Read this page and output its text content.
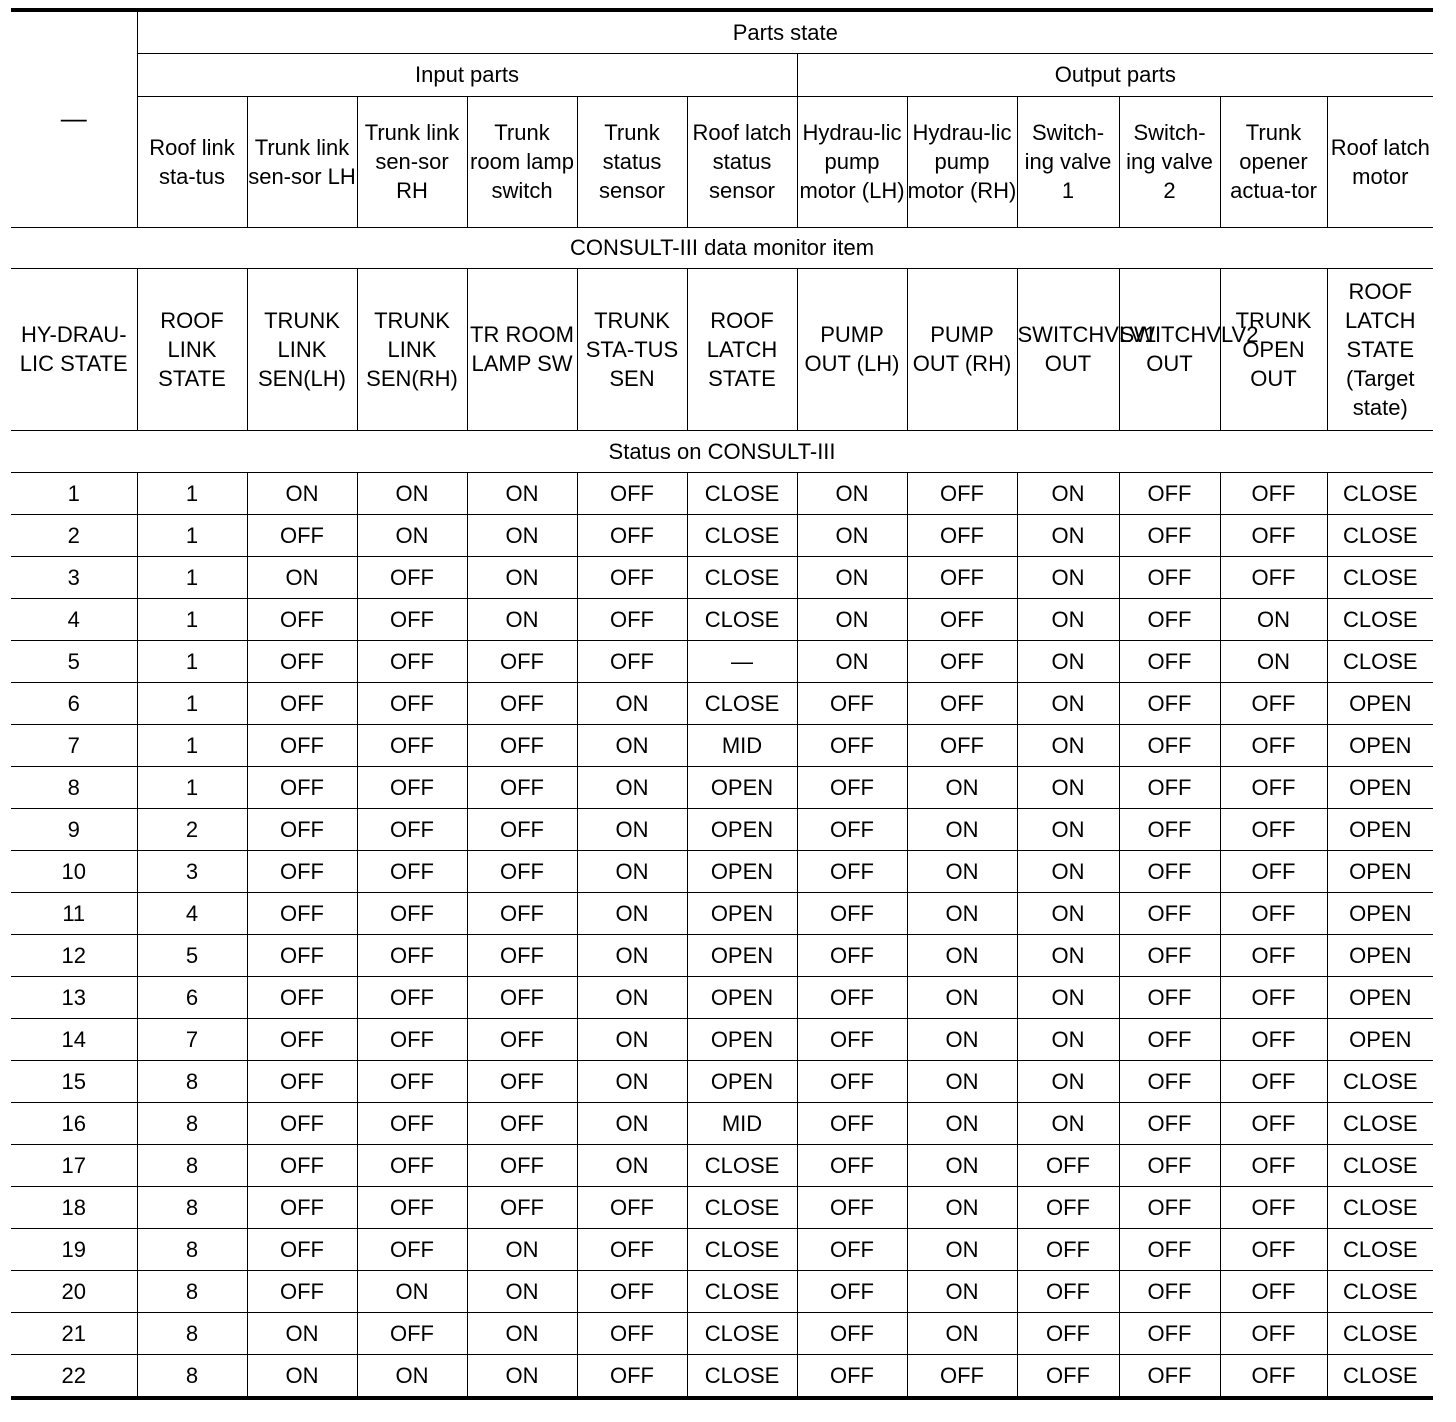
—	Parts state											
	Input parts						Output parts					
	Roof link sta-tus	Trunk link sen-sor LH	Trunk link sen-sor RH	Trunk room lamp switch	Trunk status sensor	Roof latch status sensor	Hydrau-lic pump motor (LH)	Hydrau-lic pump motor (RH)	Switch-ing valve 1	Switch-ing valve 2	Trunk opener actua-tor	Roof latch motor
CONSULT-III data monitor item												
HY-DRAU-LIC STATE	ROOF LINK STATE	TRUNK LINK SEN(LH)	TRUNK LINK SEN(RH)	TR ROOM LAMP SW	TRUNK STA-TUS SEN	ROOF LATCH STATE	PUMP OUT (LH)	PUMP OUT (RH)	SWITCHVLV1 OUT	SWITCHVLV2 OUT	TRUNK OPEN OUT	ROOF LATCH STATE (Target state)
Status on CONSULT-III												
1	1	ON	ON	ON	OFF	CLOSE	ON	OFF	ON	OFF	OFF	CLOSE
2	1	OFF	ON	ON	OFF	CLOSE	ON	OFF	ON	OFF	OFF	CLOSE
3	1	ON	OFF	ON	OFF	CLOSE	ON	OFF	ON	OFF	OFF	CLOSE
4	1	OFF	OFF	ON	OFF	CLOSE	ON	OFF	ON	OFF	ON	CLOSE
5	1	OFF	OFF	OFF	OFF	—	ON	OFF	ON	OFF	ON	CLOSE
6	1	OFF	OFF	OFF	ON	CLOSE	OFF	OFF	ON	OFF	OFF	OPEN
7	1	OFF	OFF	OFF	ON	MID	OFF	OFF	ON	OFF	OFF	OPEN
8	1	OFF	OFF	OFF	ON	OPEN	OFF	ON	ON	OFF	OFF	OPEN
9	2	OFF	OFF	OFF	ON	OPEN	OFF	ON	ON	OFF	OFF	OPEN
10	3	OFF	OFF	OFF	ON	OPEN	OFF	ON	ON	OFF	OFF	OPEN
11	4	OFF	OFF	OFF	ON	OPEN	OFF	ON	ON	OFF	OFF	OPEN
12	5	OFF	OFF	OFF	ON	OPEN	OFF	ON	ON	OFF	OFF	OPEN
13	6	OFF	OFF	OFF	ON	OPEN	OFF	ON	ON	OFF	OFF	OPEN
14	7	OFF	OFF	OFF	ON	OPEN	OFF	ON	ON	OFF	OFF	OPEN
15	8	OFF	OFF	OFF	ON	OPEN	OFF	ON	ON	OFF	OFF	CLOSE
16	8	OFF	OFF	OFF	ON	MID	OFF	ON	ON	OFF	OFF	CLOSE
17	8	OFF	OFF	OFF	ON	CLOSE	OFF	ON	OFF	OFF	OFF	CLOSE
18	8	OFF	OFF	OFF	OFF	CLOSE	OFF	ON	OFF	OFF	OFF	CLOSE
19	8	OFF	OFF	ON	OFF	CLOSE	OFF	ON	OFF	OFF	OFF	CLOSE
20	8	OFF	ON	ON	OFF	CLOSE	OFF	ON	OFF	OFF	OFF	CLOSE
21	8	ON	OFF	ON	OFF	CLOSE	OFF	ON	OFF	OFF	OFF	CLOSE
22	8	ON	ON	ON	OFF	CLOSE	OFF	OFF	OFF	OFF	OFF	CLOSE
